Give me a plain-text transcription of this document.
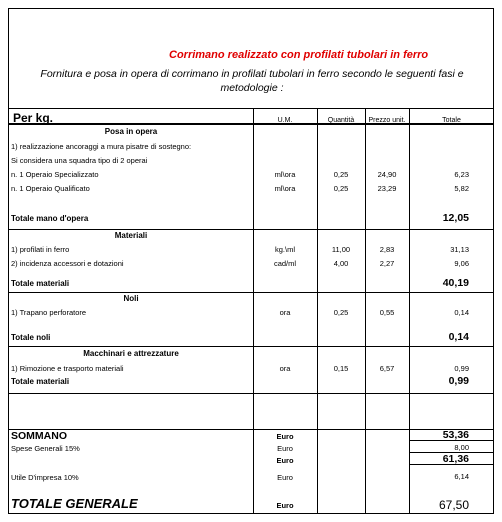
Corrimano realizzato con profilati tubolari in ferro
Fornitura e posa in opera di corrimano in profilati tubolari in ferro secondo le seguenti fasi e metodologie :
Per kg.	U.M.	Quantità	Prezzo unit.	Totale
Posa in opera
1) realizzazione ancoraggi a mura pisatre di sostegno:
Si considera una squadra tipo di 2 operai
n. 1 Operaio Specializzato	ml\ora	0,25	24,90	6,23
n. 1 Operaio Qualificato	ml\ora	0,25	23,29	5,82
Totale mano d'opera	12,05
Materiali
1) profilati in ferro	kg.\ml	11,00	2,83	31,13
2) incidenza accessori e dotazioni	cad/ml	4,00	2,27	9,06
Totale materiali	40,19
Noli
1) Trapano perforatore	ora	0,25	0,55	0,14
Totale noli	0,14
Macchinari e attrezzature
1) Rimozione e trasporto materiali	ora	0,15	6,57	0,99
Totale materiali	0,99
SOMMANO	Euro	53,36
Spese Generali 15%	Euro	8,00
Euro	61,36
Utile D'impresa 10%	Euro	6,14
TOTALE GENERALE	Euro	67,50
